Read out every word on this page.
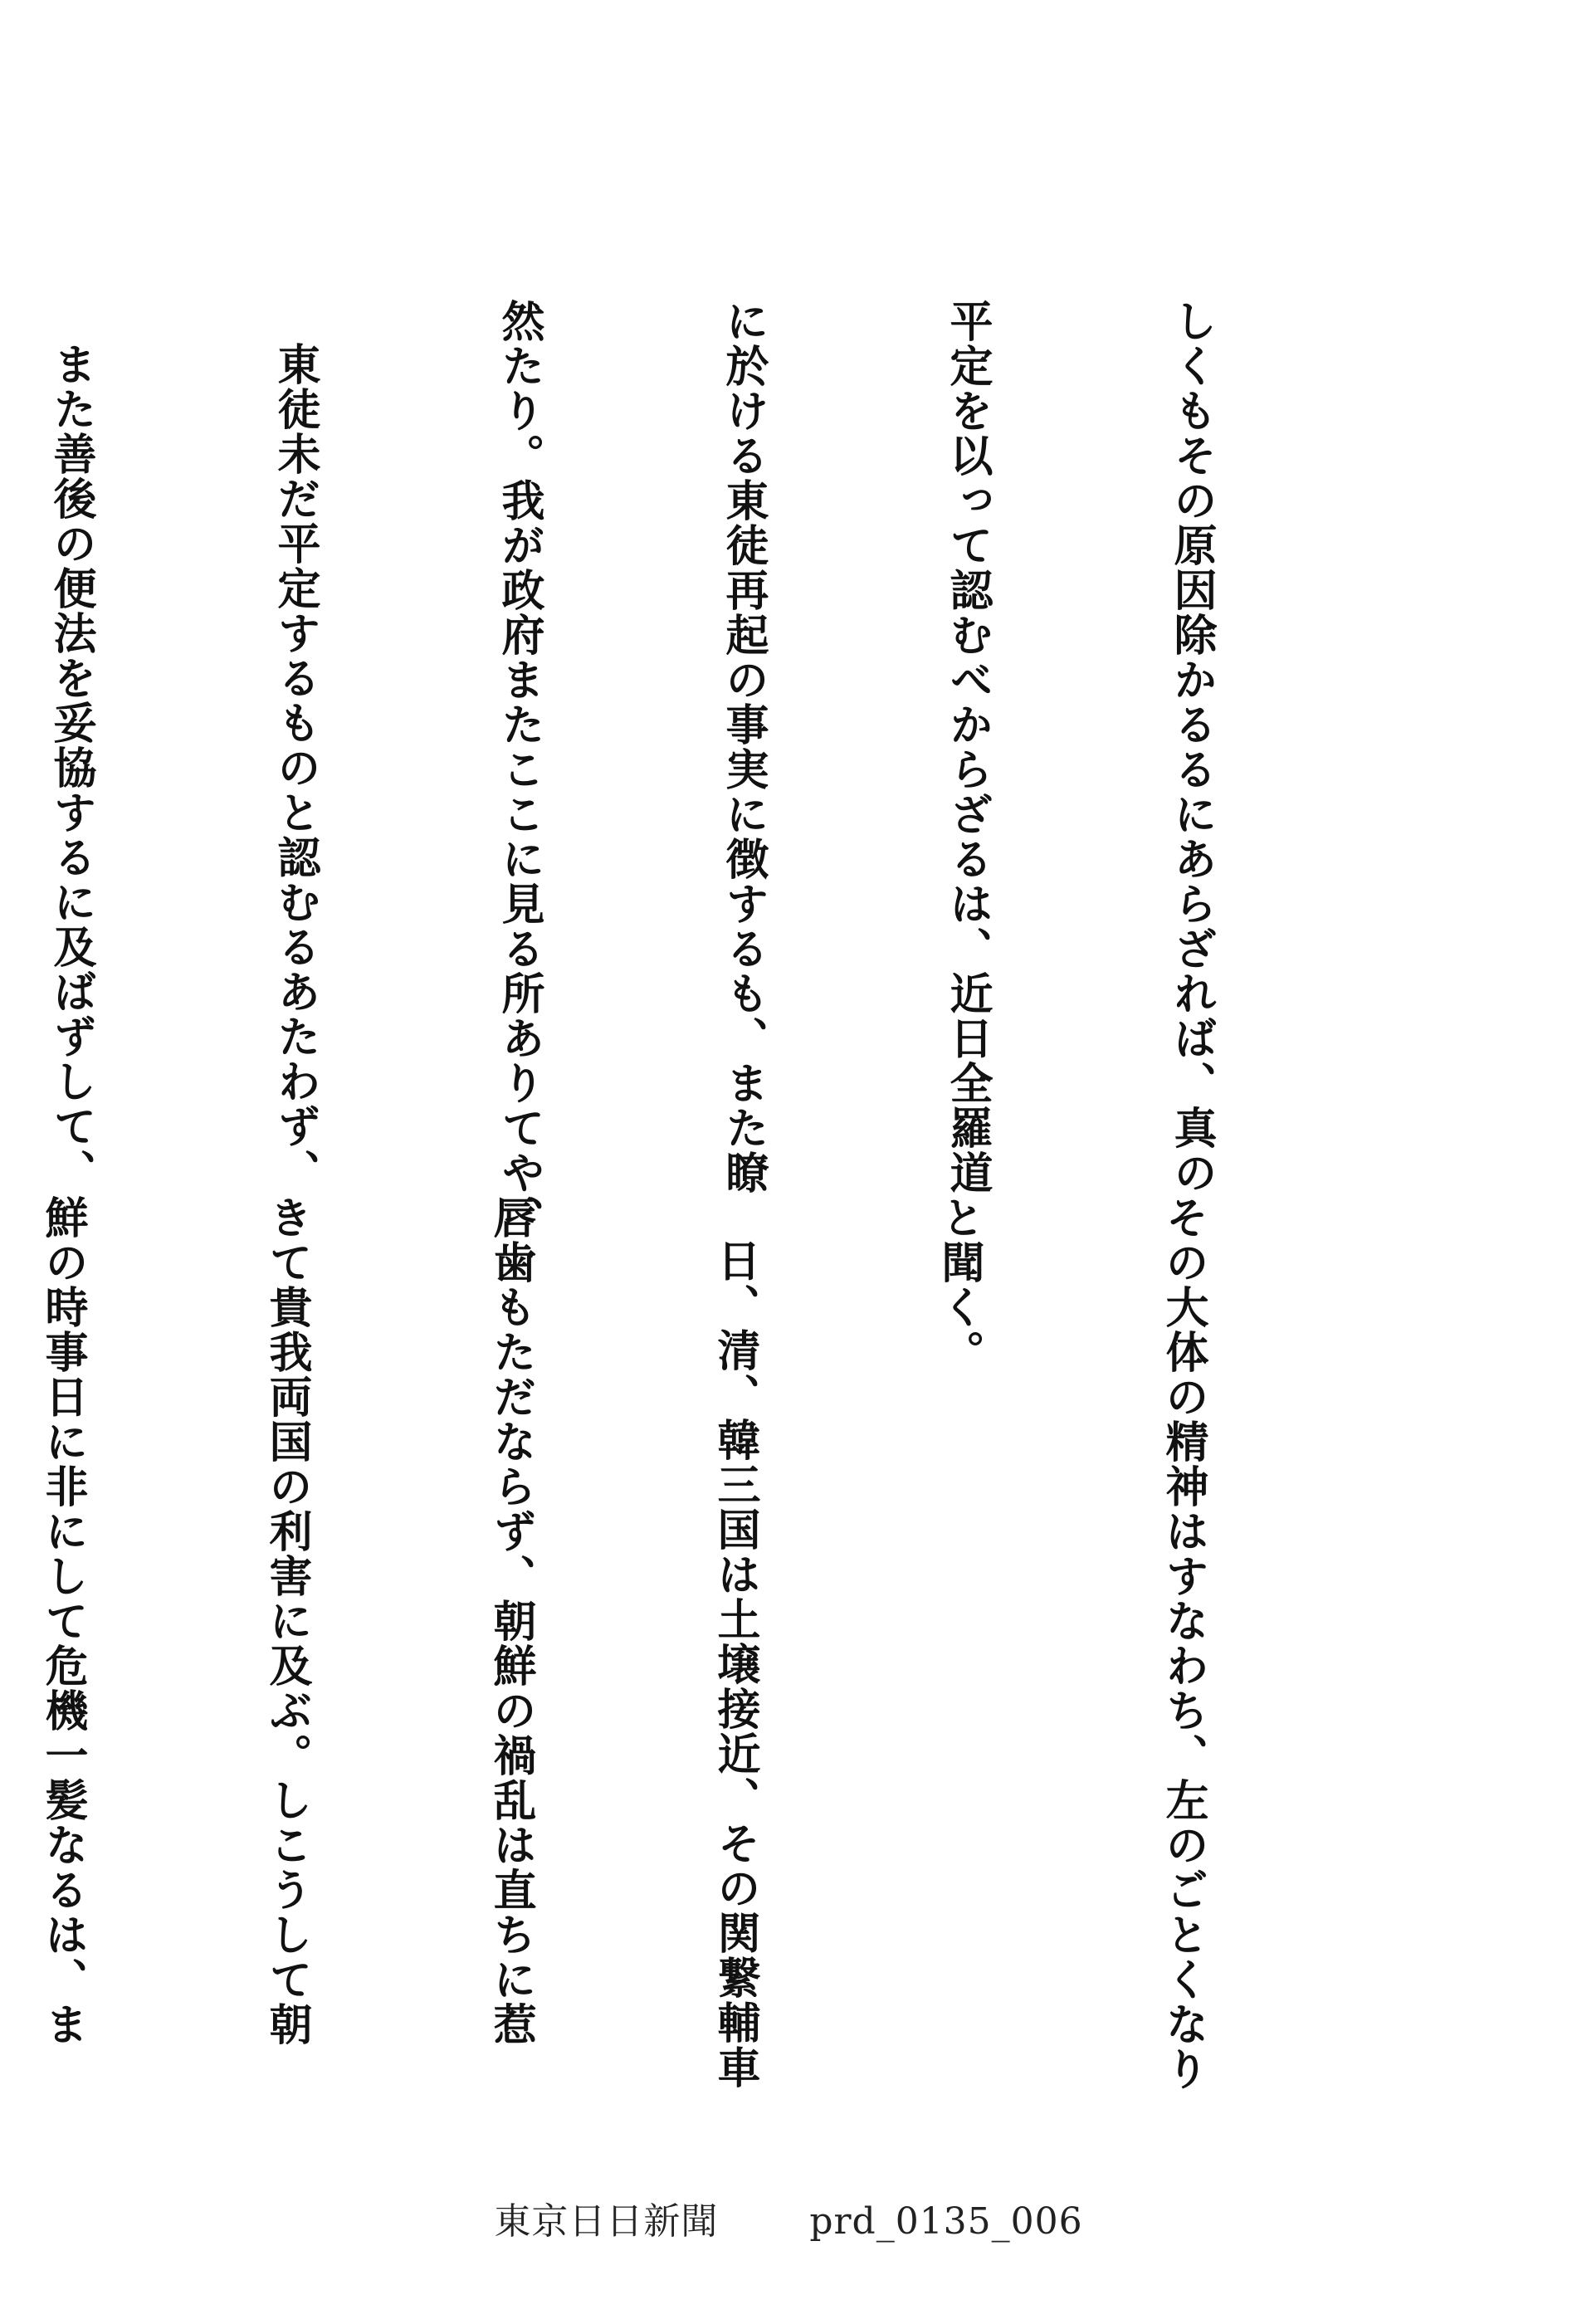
しくもその原因除かるるにあらざれば、真の

平定を以って認むべからざるは、近日全羅道

に於ける東徒再起の事実に徴するも、また瞭

然たり。我が政府またここに見る所ありてや、

東徒未だ平定するものと認むるあたわず、

また善後の便法を妥協するに及ばずして、

その大体の精神はすなわち、左のごとくなり

と聞く。

日、清、韓三国は土壌接近、その関繋輔車

唇歯もただならず、朝鮮の禍乱は直ちに惹

きて貴我両国の利害に及ぶ。しこうして朝

鮮の時事日に非にして危機一髪なるは、ま

東京日日新聞	prd_0135_006
